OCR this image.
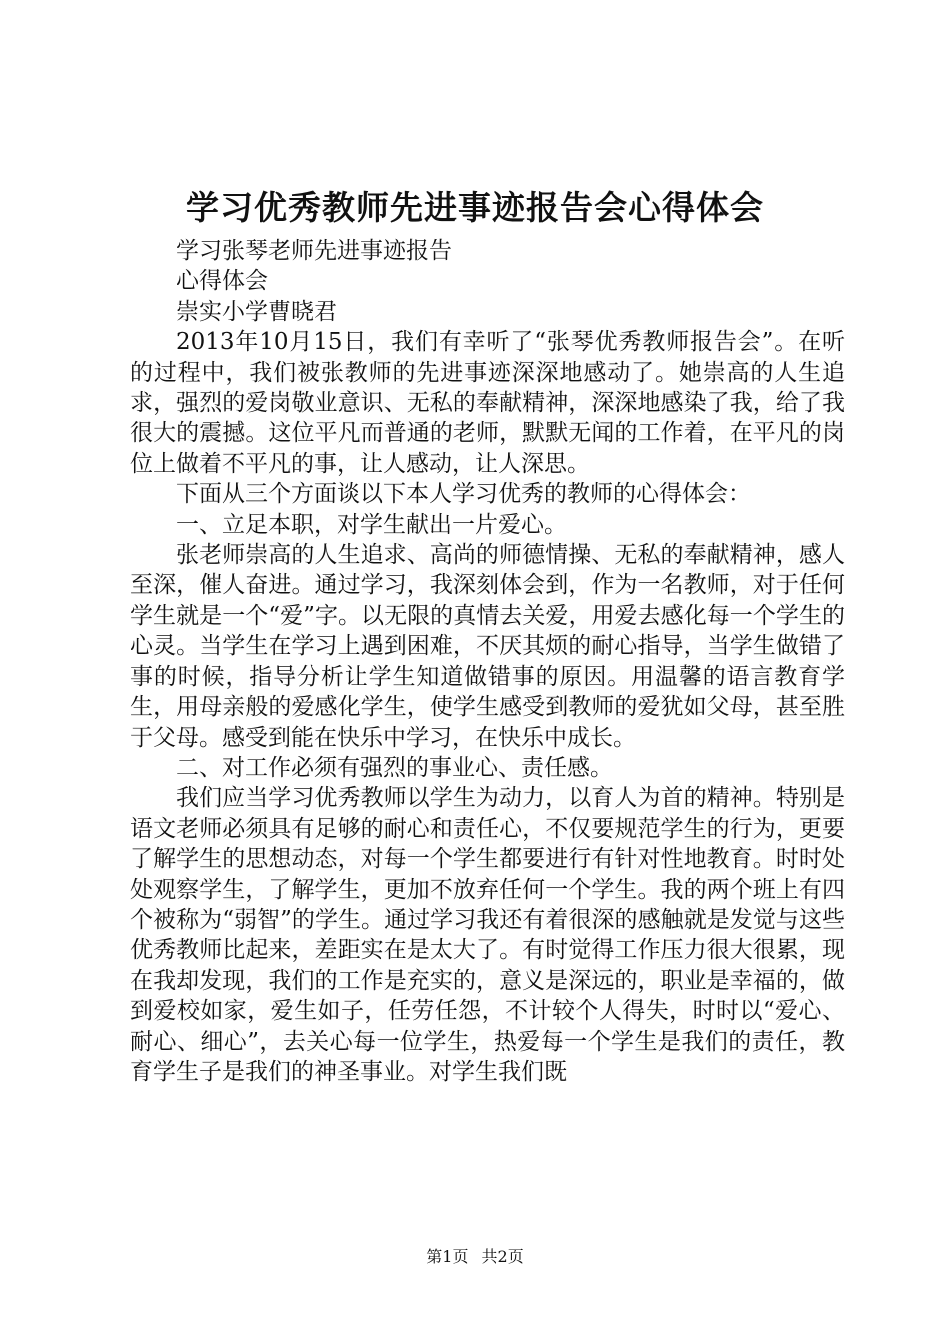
学习优秀教师先进事迹报告会心得体会

学习张琴老师先进事迹报告

心得体会

崇实小学曹晓君

2013年10月15日，我们有幸听了“张琴优秀教师报告会”。在听的过程中，我们被张教师的先进事迹深深地感动了。她崇高的人生追求，强烈的爱岗敬业意识、无私的奉献精神，深深地感染了我，给了我很大的震撼。这位平凡而普通的老师，默默无闻的工作着，在平凡的岗位上做着不平凡的事，让人感动，让人深思。

下面从三个方面谈以下本人学习优秀的教师的心得体会：

一、立足本职，对学生献出一片爱心。

张老师崇高的人生追求、高尚的师德情操、无私的奉献精神，感人至深，催人奋进。通过学习，我深刻体会到，作为一名教师，对于任何学生就是一个“爱”字。以无限的真情去关爱，用爱去感化每一个学生的心灵。当学生在学习上遇到困难，不厌其烦的耐心指导，当学生做错了事的时候，指导分析让学生知道做错事的原因。用温馨的语言教育学生，用母亲般的爱感化学生，使学生感受到教师的爱犹如父母，甚至胜于父母。感受到能在快乐中学习，在快乐中成长。

二、对工作必须有强烈的事业心、责任感。

我们应当学习优秀教师以学生为动力，以育人为首的精神。特别是语文老师必须具有足够的耐心和责任心，不仅要规范学生的行为，更要了解学生的思想动态，对每一个学生都要进行有针对性地教育。时时处处观察学生，了解学生，更加不放弃任何一个学生。我的两个班上有四个被称为“弱智”的学生。通过学习我还有着很深的感触就是发觉与这些优秀教师比起来，差距实在是太大了。有时觉得工作压力很大很累，现在我却发现，我们的工作是充实的，意义是深远的，职业是幸福的，做到爱校如家，爱生如子，任劳任怨，不计较个人得失，时时以“爱心、耐心、细心”，去关心每一位学生，热爱每一个学生是我们的责任，教育学生子是我们的神圣事业。对学生我们既

第1页 共2页
